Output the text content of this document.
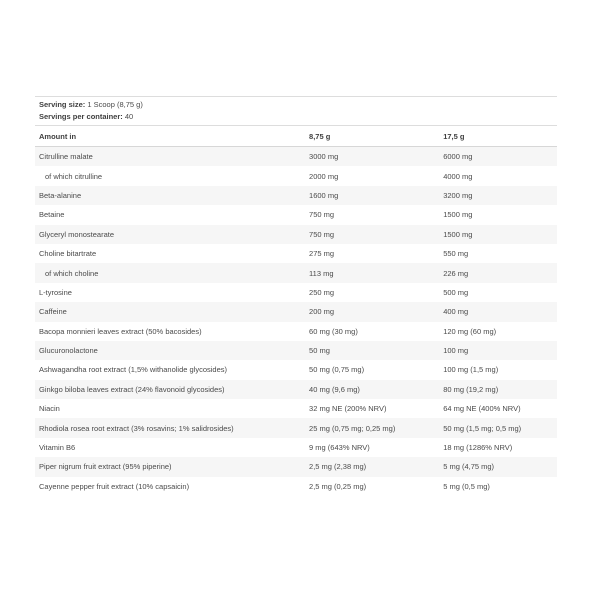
Serving size: 1 Scoop (8,75 g)
Servings per container: 40
Amount in	8,75 g	17,5 g
Citrulline malate	3000 mg	6000 mg
of which citrulline	2000 mg	4000 mg
Beta-alanine	1600 mg	3200 mg
Betaine	750 mg	1500 mg
Glyceryl monostearate	750 mg	1500 mg
Choline bitartrate	275 mg	550 mg
of which choline	113 mg	226 mg
L-tyrosine	250 mg	500 mg
Caffeine	200 mg	400 mg
Bacopa monnieri leaves extract (50% bacosides)	60 mg (30 mg)	120 mg (60 mg)
Glucuronolactone	50 mg	100 mg
Ashwagandha root extract (1,5% withanolide glycosides)	50 mg (0,75 mg)	100 mg (1,5 mg)
Ginkgo biloba leaves extract (24% flavonoid glycosides)	40 mg (9,6 mg)	80 mg (19,2 mg)
Niacin	32 mg NE (200% NRV)	64 mg NE (400% NRV)
Rhodiola rosea root extract (3% rosavins; 1% salidrosides)	25 mg (0,75 mg; 0,25 mg)	50 mg (1,5 mg; 0,5 mg)
Vitamin B6	9 mg (643% NRV)	18 mg (1286% NRV)
Piper nigrum fruit extract (95% piperine)	2,5 mg (2,38 mg)	5 mg (4,75 mg)
Cayenne pepper fruit extract (10% capsaicin)	2,5 mg (0,25 mg)	5 mg (0,5 mg)
